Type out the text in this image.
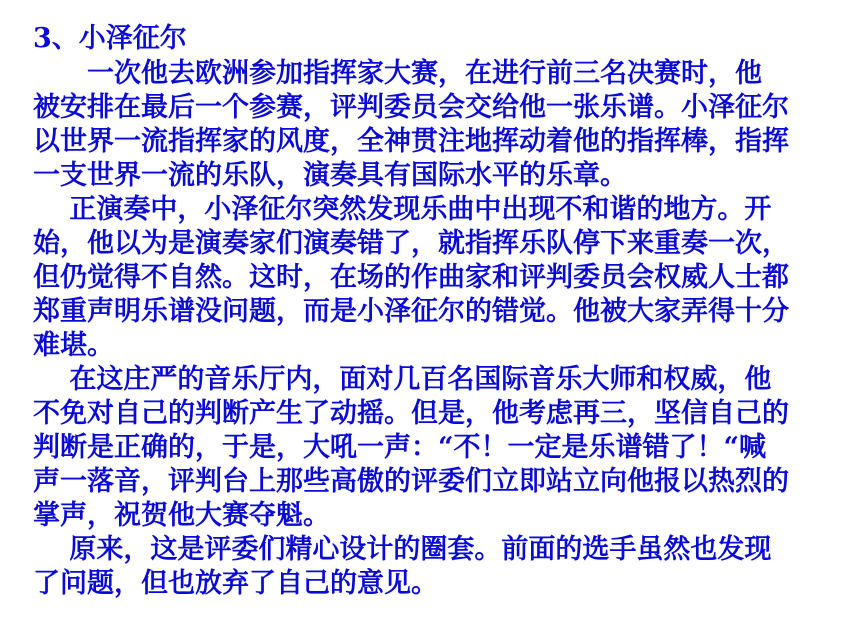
3、小泽征尔
　　一次他去欧洲参加指挥家大赛，在进行前三名决赛时，他
被安排在最后一个参赛，评判委员会交给他一张乐谱。小泽征尔
以世界一流指挥家的风度，全神贯注地挥动着他的指挥棒，指挥
一支世界一流的乐队，演奏具有国际水平的乐章。
　 正演奏中，小泽征尔突然发现乐曲中出现不和谐的地方。开
始，他以为是演奏家们演奏错了，就指挥乐队停下来重奏一次，
但仍觉得不自然。这时，在场的作曲家和评判委员会权威人士都
郑重声明乐谱没问题，而是小泽征尔的错觉。他被大家弄得十分
难堪。
　 在这庄严的音乐厅内，面对几百名国际音乐大师和权威，他
不免对自己的判断产生了动摇。但是，他考虑再三，坚信自己的
判断是正确的，于是，大吼一声：“不！一定是乐谱错了！“喊
声一落音，评判台上那些高傲的评委们立即站立向他报以热烈的
掌声，祝贺他大赛夺魁。
　 原来，这是评委们精心设计的圈套。前面的选手虽然也发现
了问题，但也放弃了自己的意见。
